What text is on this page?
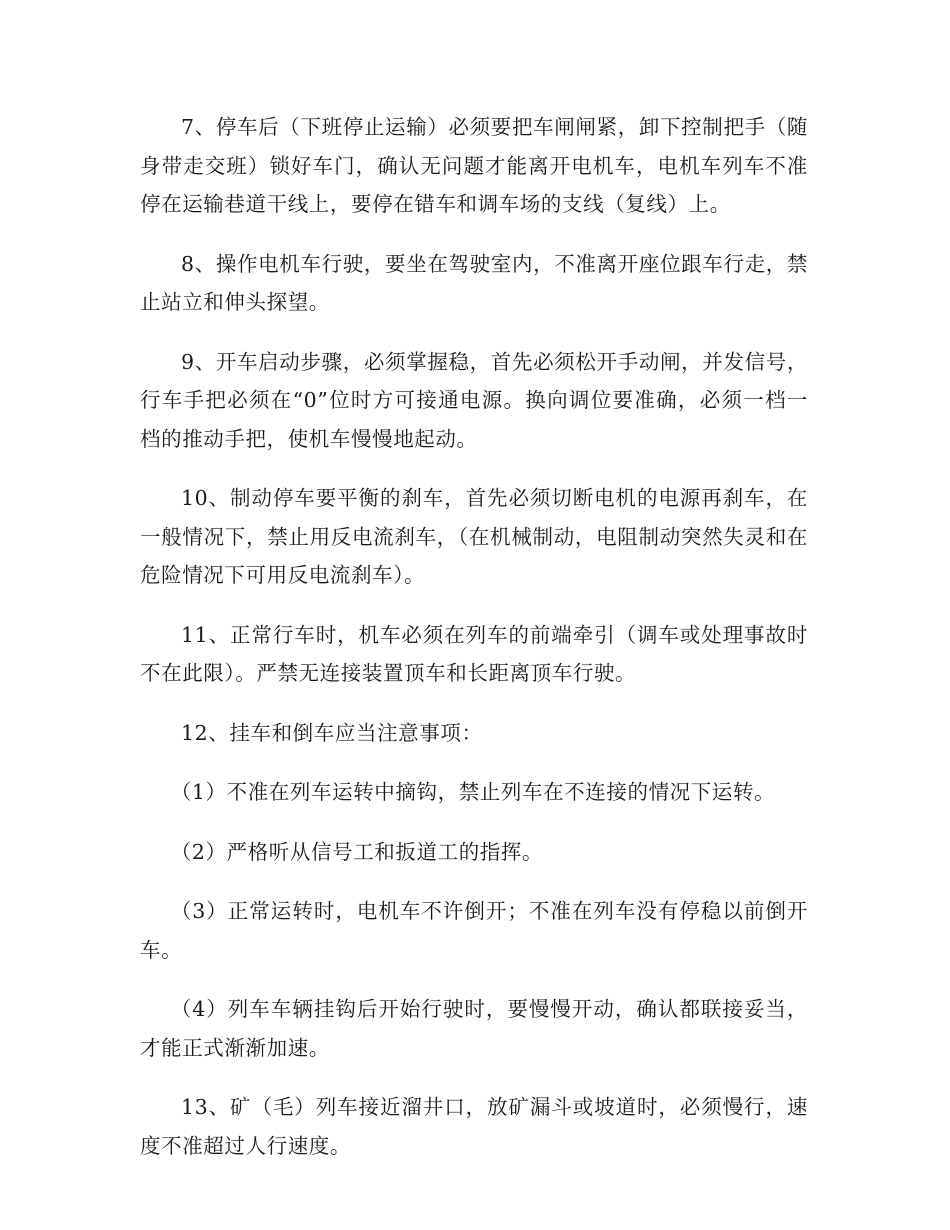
7、停车后（下班停止运输）必须要把车闸闸紧，卸下控制把手（随身带走交班）锁好车门，确认无问题才能离开电机车，电机车列车不准停在运输巷道干线上，要停在错车和调车场的支线（复线）上。

8、操作电机车行驶，要坐在驾驶室内，不准离开座位跟车行走，禁止站立和伸头探望。

9、开车启动步骤，必须掌握稳，首先必须松开手动闸，并发信号，行车手把必须在“0”位时方可接通电源。换向调位要准确，必须一档一档的推动手把，使机车慢慢地起动。

10、制动停车要平衡的刹车，首先必须切断电机的电源再刹车，在一般情况下，禁止用反电流刹车，（在机械制动，电阻制动突然失灵和在危险情况下可用反电流刹车）。

11、正常行车时，机车必须在列车的前端牵引（调车或处理事故时不在此限）。严禁无连接装置顶车和长距离顶车行驶。

12、挂车和倒车应当注意事项：

（1）不准在列车运转中摘钩，禁止列车在不连接的情况下运转。

（2）严格听从信号工和扳道工的指挥。

（3）正常运转时，电机车不许倒开；不准在列车没有停稳以前倒开车。

（4）列车车辆挂钩后开始行驶时，要慢慢开动，确认都联接妥当，才能正式渐渐加速。

13、矿（毛）列车接近溜井口，放矿漏斗或坡道时，必须慢行，速度不准超过人行速度。
